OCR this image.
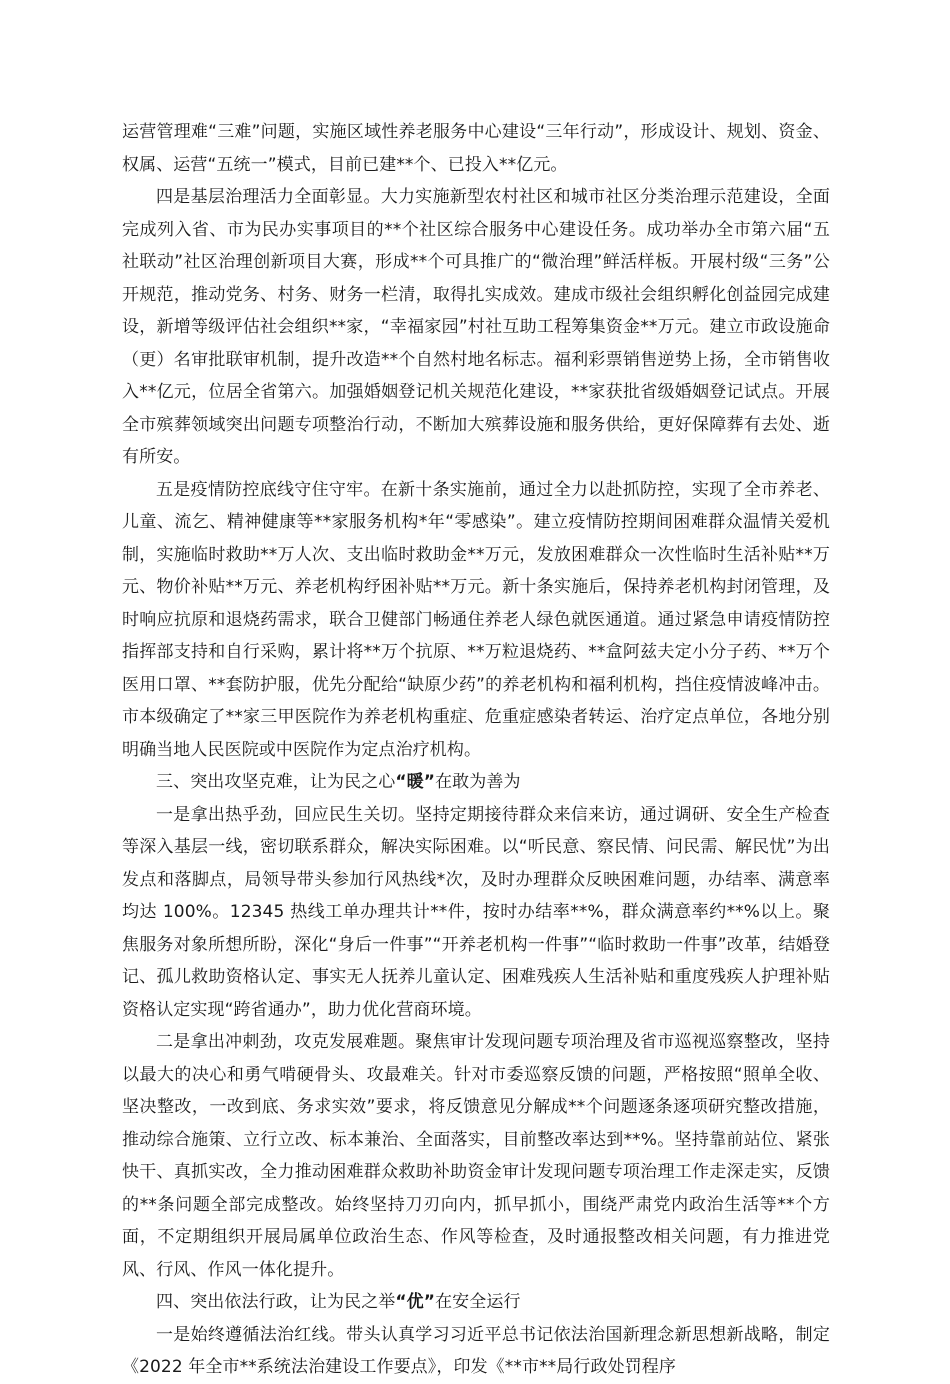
运营管理难“三难”问题，实施区域性养老服务中心建设“三年行动”，形成设计、规划、资金、权属、运营“五统一”模式，目前已建**个、已投入**亿元。

四是基层治理活力全面彰显。大力实施新型农村社区和城市社区分类治理示范建设，全面完成列入省、市为民办实事项目的**个社区综合服务中心建设任务。成功举办全市第六届“五社联动”社区治理创新项目大赛，形成**个可具推广的“微治理”鲜活样板。开展村级“三务”公开规范，推动党务、村务、财务一栏清，取得扎实成效。建成市级社会组织孵化创益园完成建设，新增等级评估社会组织**家，“幸福家园”村社互助工程筹集资金**万元。建立市政设施命（更）名审批联审机制，提升改造**个自然村地名标志。福利彩票销售逆势上扬，全市销售收入**亿元，位居全省第六。加强婚姻登记机关规范化建设，**家获批省级婚姻登记试点。开展全市殡葬领域突出问题专项整治行动，不断加大殡葬设施和服务供给，更好保障葬有去处、逝有所安。

五是疫情防控底线守住守牢。在新十条实施前，通过全力以赴抓防控，实现了全市养老、儿童、流乞、精神健康等**家服务机构*年“零感染”。建立疫情防控期间困难群众温情关爱机制，实施临时救助**万人次、支出临时救助金**万元，发放困难群众一次性临时生活补贴**万元、物价补贴**万元、养老机构纾困补贴**万元。新十条实施后，保持养老机构封闭管理，及时响应抗原和退烧药需求，联合卫健部门畅通住养老人绿色就医通道。通过紧急申请疫情防控指挥部支持和自行采购，累计将**万个抗原、**万粒退烧药、**盒阿兹夫定小分子药、**万个医用口罩、**套防护服，优先分配给“缺原少药”的养老机构和福利机构，挡住疫情波峰冲击。市本级确定了**家三甲医院作为养老机构重症、危重症感染者转运、治疗定点单位，各地分别明确当地人民医院或中医院作为定点治疗机构。

三、突出攻坚克难，让为民之心“暖”在敢为善为

一是拿出热乎劲，回应民生关切。坚持定期接待群众来信来访，通过调研、安全生产检查等深入基层一线，密切联系群众，解决实际困难。以“听民意、察民情、问民需、解民忧”为出发点和落脚点，局领导带头参加行风热线*次，及时办理群众反映困难问题，办结率、满意率均达 100%。12345 热线工单办理共计**件，按时办结率**%，群众满意率约**%以上。聚焦服务对象所想所盼，深化“身后一件事”“开养老机构一件事”“临时救助一件事”改革，结婚登记、孤儿救助资格认定、事实无人抚养儿童认定、困难残疾人生活补贴和重度残疾人护理补贴资格认定实现“跨省通办”，助力优化营商环境。

二是拿出冲刺劲，攻克发展难题。聚焦审计发现问题专项治理及省市巡视巡察整改，坚持以最大的决心和勇气啃硬骨头、攻最难关。针对市委巡察反馈的问题，严格按照“照单全收、坚决整改，一改到底、务求实效”要求，将反馈意见分解成**个问题逐条逐项研究整改措施，推动综合施策、立行立改、标本兼治、全面落实，目前整改率达到**%。坚持靠前站位、紧张快干、真抓实改，全力推动困难群众救助补助资金审计发现问题专项治理工作走深走实，反馈的**条问题全部完成整改。始终坚持刀刃向内，抓早抓小，围绕严肃党内政治生活等**个方面，不定期组织开展局属单位政治生态、作风等检查，及时通报整改相关问题，有力推进党风、行风、作风一体化提升。

四、突出依法行政，让为民之举“优”在安全运行

一是始终遵循法治红线。带头认真学习习近平总书记依法治国新理念新思想新战略，制定《2022 年全市**系统法治建设工作要点》，印发《**市**局行政处罚程序
